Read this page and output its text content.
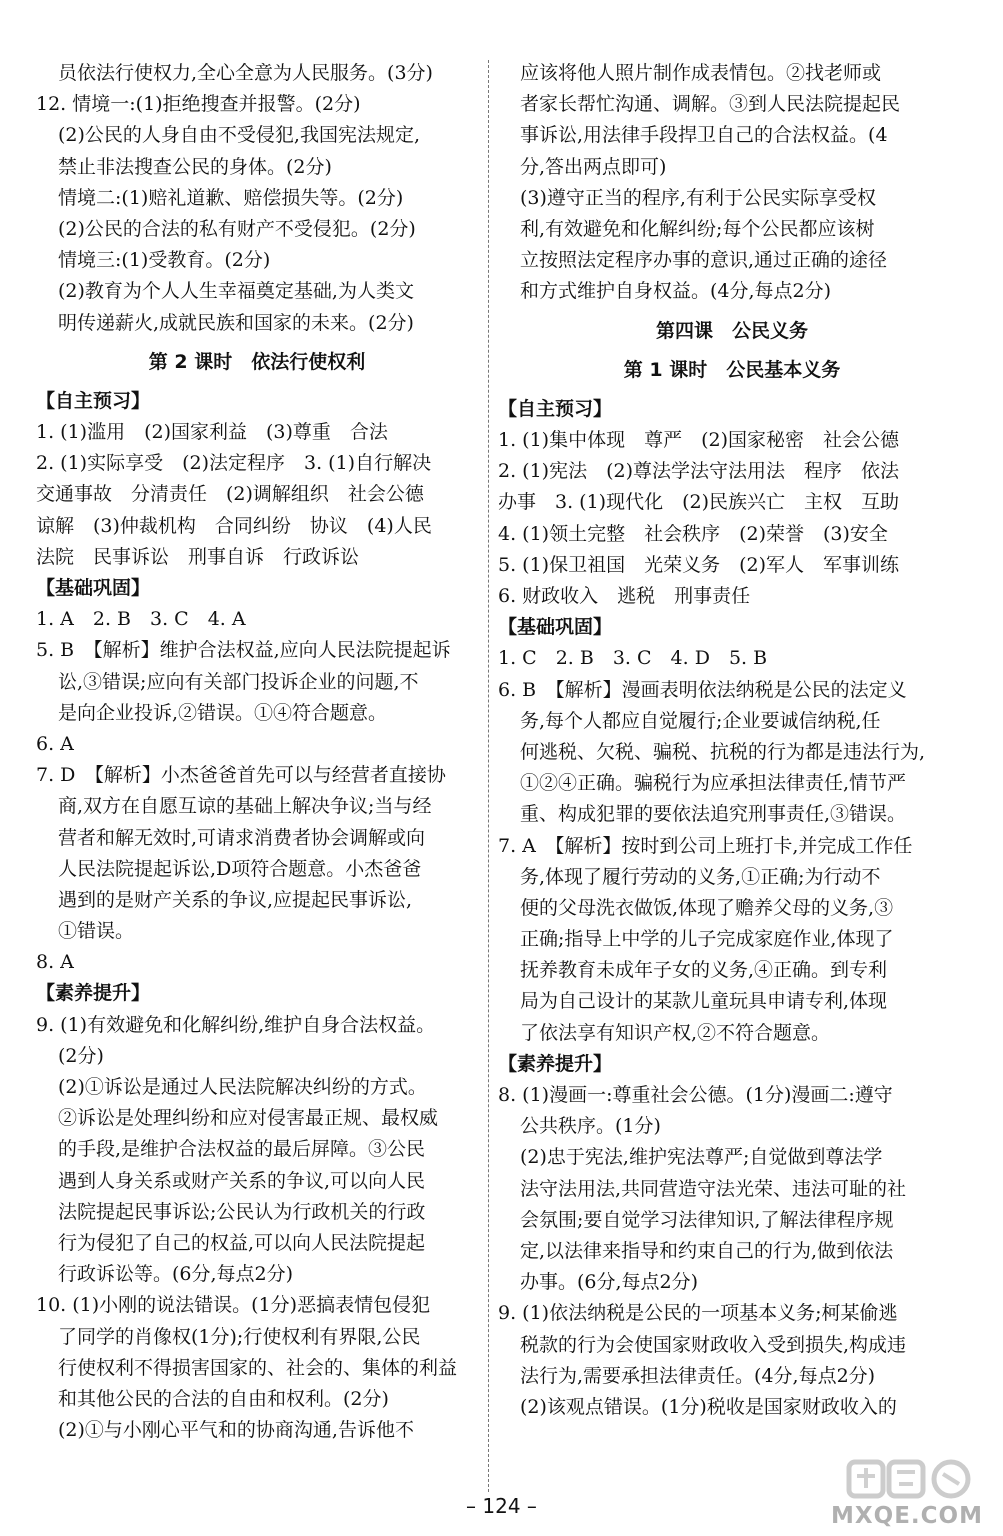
员依法行使权力,全心全意为人民服务。(3分)
12. 情境一:(1)拒绝搜查并报警。(2分)
(2)公民的人身自由不受侵犯,我国宪法规定,
禁止非法搜查公民的身体。(2分)
情境二:(1)赔礼道歉、赔偿损失等。(2分)
(2)公民的合法的私有财产不受侵犯。(2分)
情境三:(1)受教育。(2分)
(2)教育为个人人生幸福奠定基础,为人类文
明传递薪火,成就民族和国家的未来。(2分)
第 2 课时　依法行使权利
【自主预习】
1. (1)滥用　(2)国家利益　(3)尊重　合法
2. (1)实际享受　(2)法定程序　3. (1)自行解决
交通事故　分清责任　(2)调解组织　社会公德
谅解　(3)仲裁机构　合同纠纷　协议　(4)人民
法院　民事诉讼　刑事自诉　行政诉讼
【基础巩固】
1. A　2. B　3. C　4. A
5. B　【解析】维护合法权益,应向人民法院提起诉
讼,③错误;应向有关部门投诉企业的问题,不
是向企业投诉,②错误。①④符合题意。
6. A
7. D　【解析】小杰爸爸首先可以与经营者直接协
商,双方在自愿互谅的基础上解决争议;当与经
营者和解无效时,可请求消费者协会调解或向
人民法院提起诉讼,D项符合题意。小杰爸爸
遇到的是财产关系的争议,应提起民事诉讼,
①错误。
8. A
【素养提升】
9. (1)有效避免和化解纠纷,维护自身合法权益。
(2分)
(2)①诉讼是通过人民法院解决纠纷的方式。
②诉讼是处理纠纷和应对侵害最正规、最权威
的手段,是维护合法权益的最后屏障。③公民
遇到人身关系或财产关系的争议,可以向人民
法院提起民事诉讼;公民认为行政机关的行政
行为侵犯了自己的权益,可以向人民法院提起
行政诉讼等。(6分,每点2分)
10. (1)小刚的说法错误。(1分)恶搞表情包侵犯
了同学的肖像权(1分);行使权利有界限,公民
行使权利不得损害国家的、社会的、集体的利益
和其他公民的合法的自由和权利。(2分)
(2)①与小刚心平气和的协商沟通,告诉他不
应该将他人照片制作成表情包。②找老师或
者家长帮忙沟通、调解。③到人民法院提起民
事诉讼,用法律手段捍卫自己的合法权益。(4
分,答出两点即可)
(3)遵守正当的程序,有利于公民实际享受权
利,有效避免和化解纠纷;每个公民都应该树
立按照法定程序办事的意识,通过正确的途径
和方式维护自身权益。(4分,每点2分)
第四课　公民义务
第 1 课时　公民基本义务
【自主预习】
1. (1)集中体现　尊严　(2)国家秘密　社会公德
2. (1)宪法　(2)尊法学法守法用法　程序　依法
办事　3. (1)现代化　(2)民族兴亡　主权　互助
4. (1)领土完整　社会秩序　(2)荣誉　(3)安全
5. (1)保卫祖国　光荣义务　(2)军人　军事训练
6. 财政收入　逃税　刑事责任
【基础巩固】
1. C　2. B　3. C　4. D　5. B
6. B　【解析】漫画表明依法纳税是公民的法定义
务,每个人都应自觉履行;企业要诚信纳税,任
何逃税、欠税、骗税、抗税的行为都是违法行为,
①②④正确。骗税行为应承担法律责任,情节严
重、构成犯罪的要依法追究刑事责任,③错误。
7. A　【解析】按时到公司上班打卡,并完成工作任
务,体现了履行劳动的义务,①正确;为行动不
便的父母洗衣做饭,体现了赡养父母的义务,③
正确;指导上中学的儿子完成家庭作业,体现了
抚养教育未成年子女的义务,④正确。到专利
局为自己设计的某款儿童玩具申请专利,体现
了依法享有知识产权,②不符合题意。
【素养提升】
8. (1)漫画一:尊重社会公德。(1分)漫画二:遵守
公共秩序。(1分)
(2)忠于宪法,维护宪法尊严;自觉做到尊法学
法守法用法,共同营造守法光荣、违法可耻的社
会氛围;要自觉学习法律知识,了解法律程序规
定,以法律来指导和约束自己的行为,做到依法
办事。(6分,每点2分)
9. (1)依法纳税是公民的一项基本义务;柯某偷逃
税款的行为会使国家财政收入受到损失,构成违
法行为,需要承担法律责任。(4分,每点2分)
(2)该观点错误。(1分)税收是国家财政收入的
– 124 –	MXQE.COM
